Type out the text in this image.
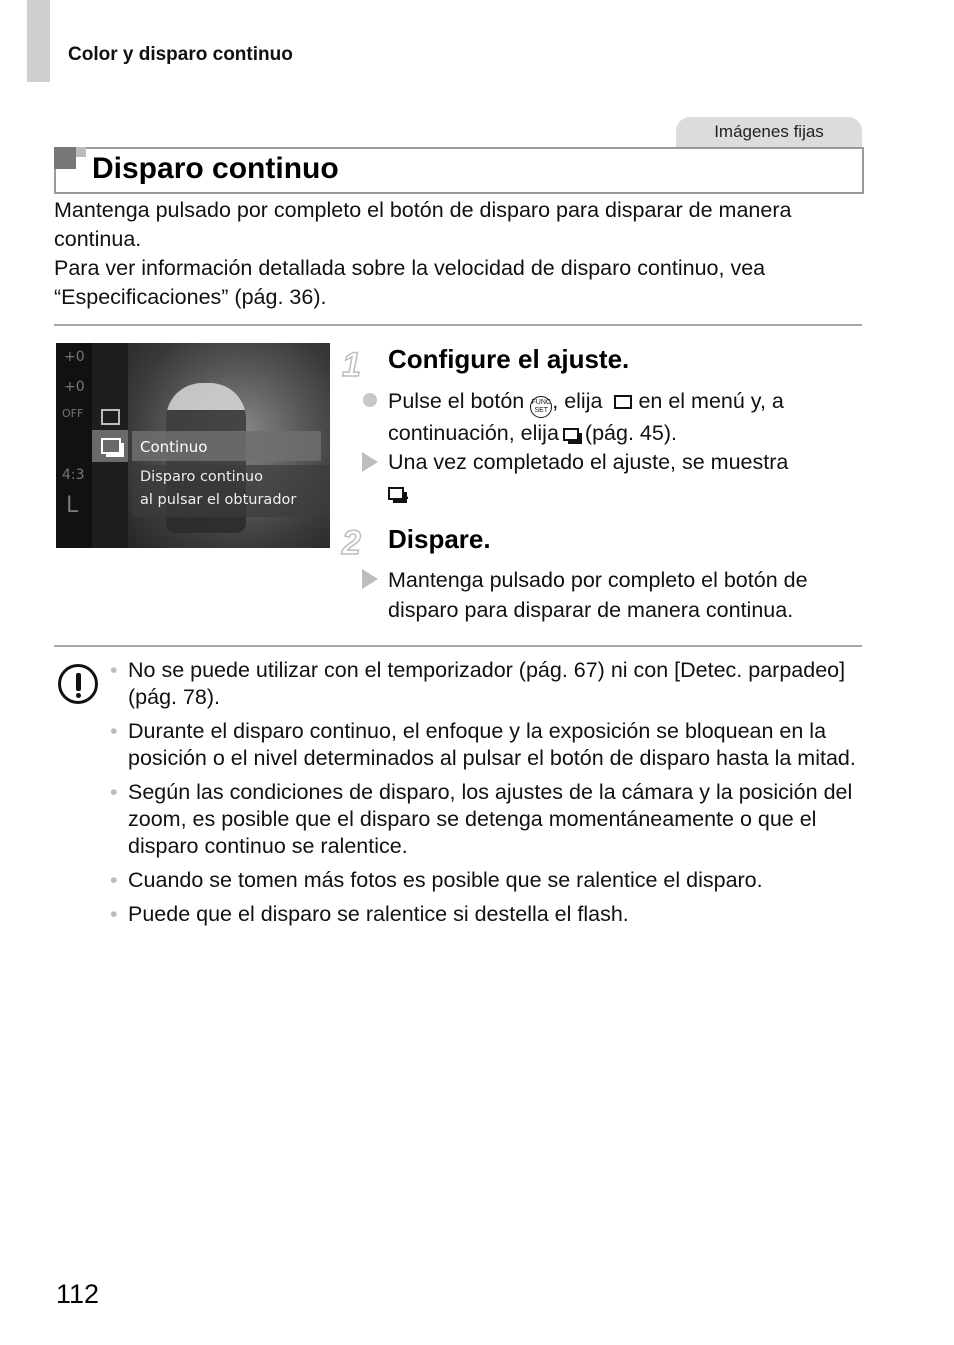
Color y disparo continuo
Imágenes fijas
Disparo continuo

Mantenga pulsado por completo el botón de disparo para disparar de manera continua.

Para ver información detallada sobre la velocidad de disparo continuo, vea “Especificaciones” (pág. 36).

+0
+0
OFF
4:3
L
Continuo
Disparo continuo
al pulsar el obturador
1 Configure el ajuste.
Pulse el botón FUNC SET , elija en el menú y, a continuación, elija (pág. 45).
Una vez completado el ajuste, se muestra
.
2 Dispare.
Mantenga pulsado por completo el botón de disparo para disparar de manera continua.
• No se puede utilizar con el temporizador (pág. 67) ni con [Detec. parpadeo] (pág. 78).
• Durante el disparo continuo, el enfoque y la exposición se bloquean en la posición o el nivel determinados al pulsar el botón de disparo hasta la mitad.
• Según las condiciones de disparo, los ajustes de la cámara y la posición del zoom, es posible que el disparo se detenga momentáneamente o que el disparo continuo se ralentice.
• Cuando se tomen más fotos es posible que se ralentice el disparo.
• Puede que el disparo se ralentice si destella el flash.
112
